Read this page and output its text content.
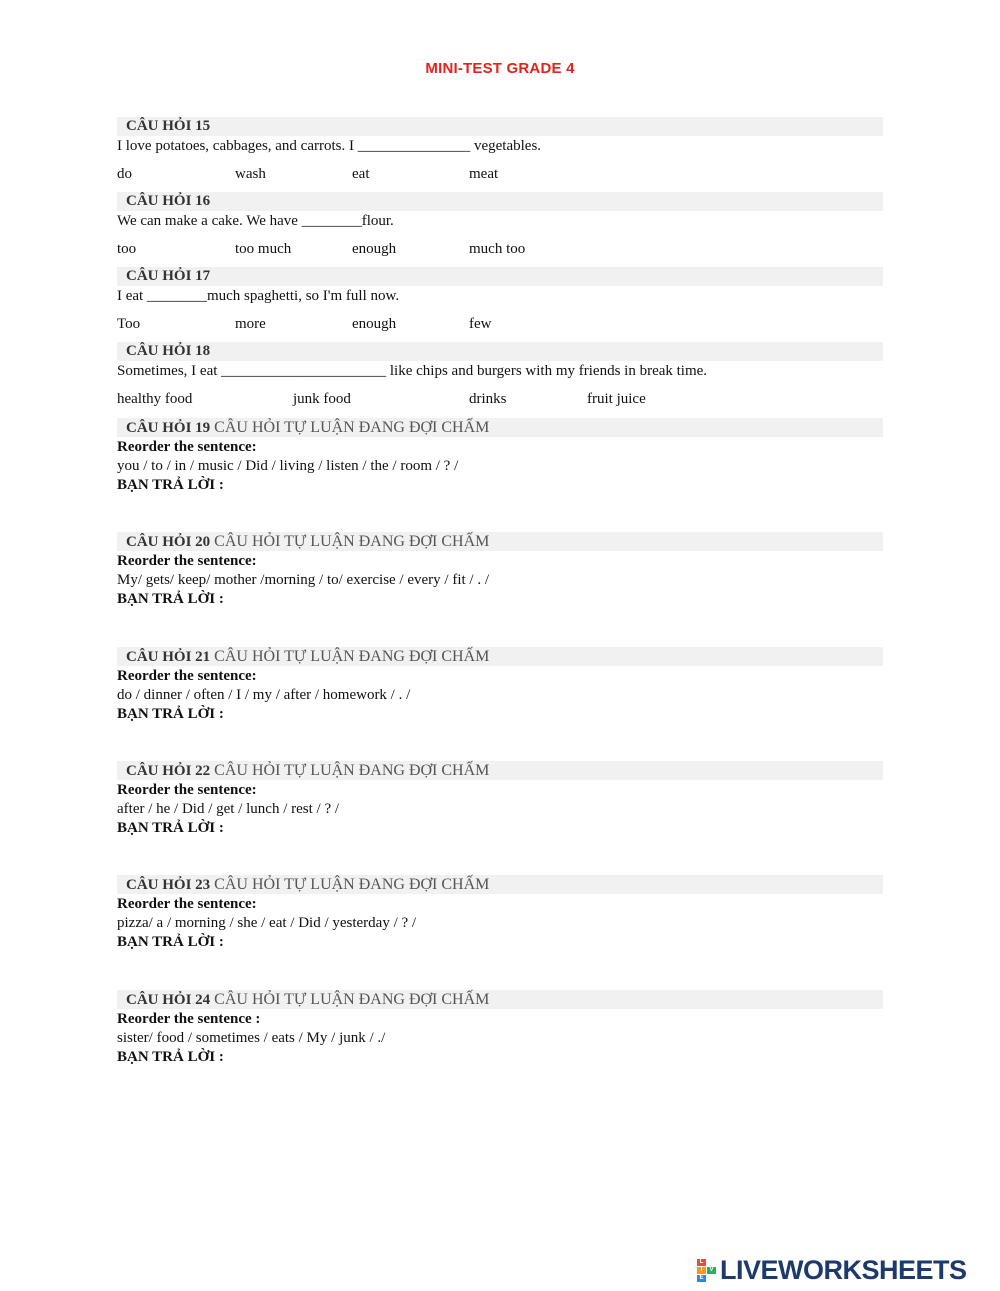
MINI-TEST GRADE 4
CÂU HỎI 15
I love potatoes, cabbages, and carrots. I _______________ vegetables.
do	wash	eat	meat
CÂU HỎI 16
We can make a cake. We have ________flour.
too	too much	enough	much too
CÂU HỎI 17
I eat ________much spaghetti, so I'm full now.
Too	more	enough	few
CÂU HỎI 18
Sometimes, I eat ______________________ like chips and burgers with my friends in break time.
healthy food	junk food	drinks	fruit juice
CÂU HỎI 19 CÂU HỎI TỰ LUẬN ĐANG ĐỢI CHẤM
Reorder the sentence:
you / to / in / music / Did / living / listen / the / room / ? /
BẠN TRẢ LỜI :
CÂU HỎI 20 CÂU HỎI TỰ LUẬN ĐANG ĐỢI CHẤM
Reorder the sentence:
My/ gets/ keep/ mother /morning / to/ exercise / every / fit / . /
BẠN TRẢ LỜI :
CÂU HỎI 21 CÂU HỎI TỰ LUẬN ĐANG ĐỢI CHẤM
Reorder the sentence:
do / dinner / often / I / my / after / homework / . /
BẠN TRẢ LỜI :
CÂU HỎI 22 CÂU HỎI TỰ LUẬN ĐANG ĐỢI CHẤM
Reorder the sentence:
after / he / Did / get / lunch / rest / ? /
BẠN TRẢ LỜI :
CÂU HỎI 23 CÂU HỎI TỰ LUẬN ĐANG ĐỢI CHẤM
Reorder the sentence:
pizza/ a / morning / she / eat / Did / yesterday / ? /
BẠN TRẢ LỜI :
CÂU HỎI 24 CÂU HỎI TỰ LUẬN ĐANG ĐỢI CHẤM
Reorder the sentence :
sister/ food / sometimes / eats / My / junk / ./
BẠN TRẢ LỜI :
L
I	V
E LIVEWORKSHEETS
